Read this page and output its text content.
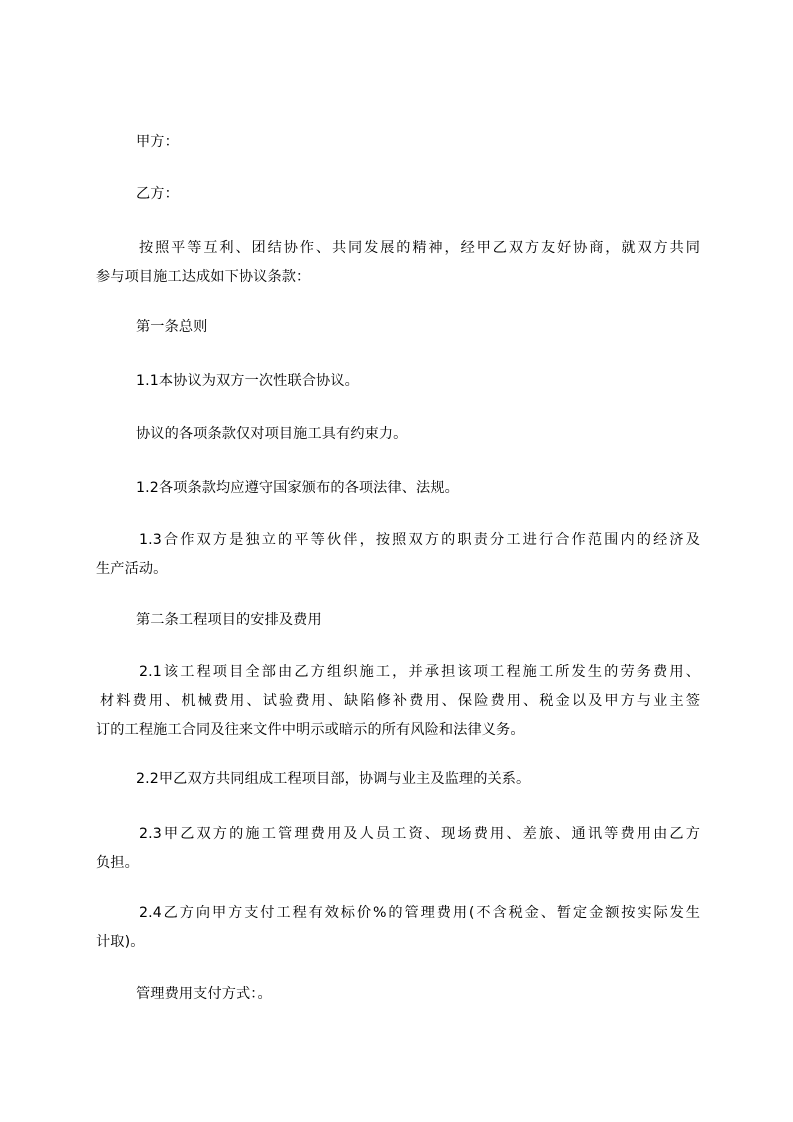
甲方：

乙方：

按照平等互利、团结协作、共同发展的精神，经甲乙双方友好协商，就双方共同
参与项目施工达成如下协议条款：

第一条总则

1.1本协议为双方一次性联合协议。

协议的各项条款仅对项目施工具有约束力。

1.2各项条款均应遵守国家颁布的各项法律、法规。

1.3合作双方是独立的平等伙伴，按照双方的职责分工进行合作范围内的经济及
生产活动。

第二条工程项目的安排及费用

2.1该工程项目全部由乙方组织施工，并承担该项工程施工所发生的劳务费用、
材料费用、机械费用、试验费用、缺陷修补费用、保险费用、税金以及甲方与业主签
订的工程施工合同及往来文件中明示或暗示的所有风险和法律义务。

2.2甲乙双方共同组成工程项目部，协调与业主及监理的关系。

2.3甲乙双方的施工管理费用及人员工资、现场费用、差旅、通讯等费用由乙方
负担。

2.4乙方向甲方支付工程有效标价%的管理费用(不含税金、暂定金额按实际发生
计取)。

管理费用支付方式：。
